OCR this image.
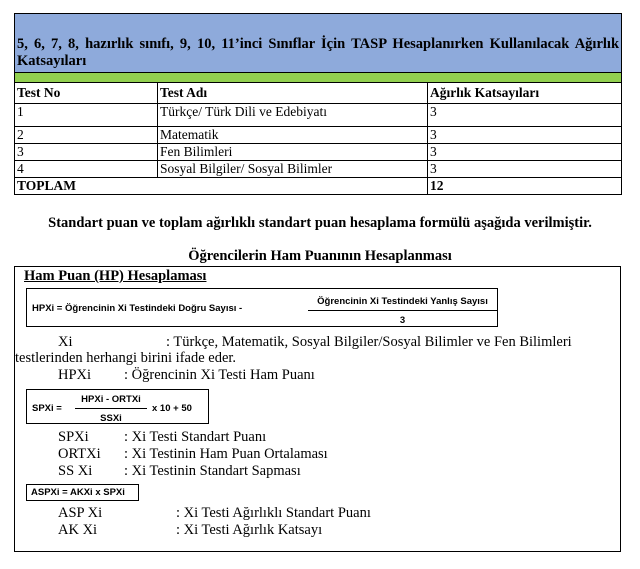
5, 6, 7, 8, hazırlık sınıfı, 9, 10, 11’inci Sınıflar İçin TASP Hesaplanırken Kullanılacak Ağırlık Katsayıları		

Test No	Test Adı	Ağırlık Katsayıları
1	Türkçe/ Türk Dili ve Edebiyatı	3
2	Matematik	3
3	Fen Bilimleri	3
4	Sosyal Bilgiler/ Sosyal Bilimler	3
TOPLAM		12
Standart puan ve toplam ağırlıklı standart puan hesaplama formülü aşağıda verilmiştir.
Öğrencilerin Ham Puanının Hesaplanması
Ham Puan (HP) Hesaplaması
HPXi = Öğrencinin Xi Testindeki Doğru Sayısı -
Öğrencinin Xi Testindeki Yanlış Sayısı
3
Xi	: Türkçe, Matematik, Sosyal Bilgiler/Sosyal Bilimler ve Fen Bilimleri
testlerinden herhangi birini ifade eder.
HPXi : Öğrencinin Xi Testi Ham Puanı
SPXi =
HPXi - ORTXi
SSXi
x 10 + 50
SPXi : Xi Testi Standart Puanı
ORTXi : Xi Testinin Ham Puan Ortalaması
SS Xi : Xi Testinin Standart Sapması
ASPXi = AKXi x SPXi
ASP Xi	: Xi Testi Ağırlıklı Standart Puanı
AK Xi	: Xi Testi Ağırlık Katsayı
